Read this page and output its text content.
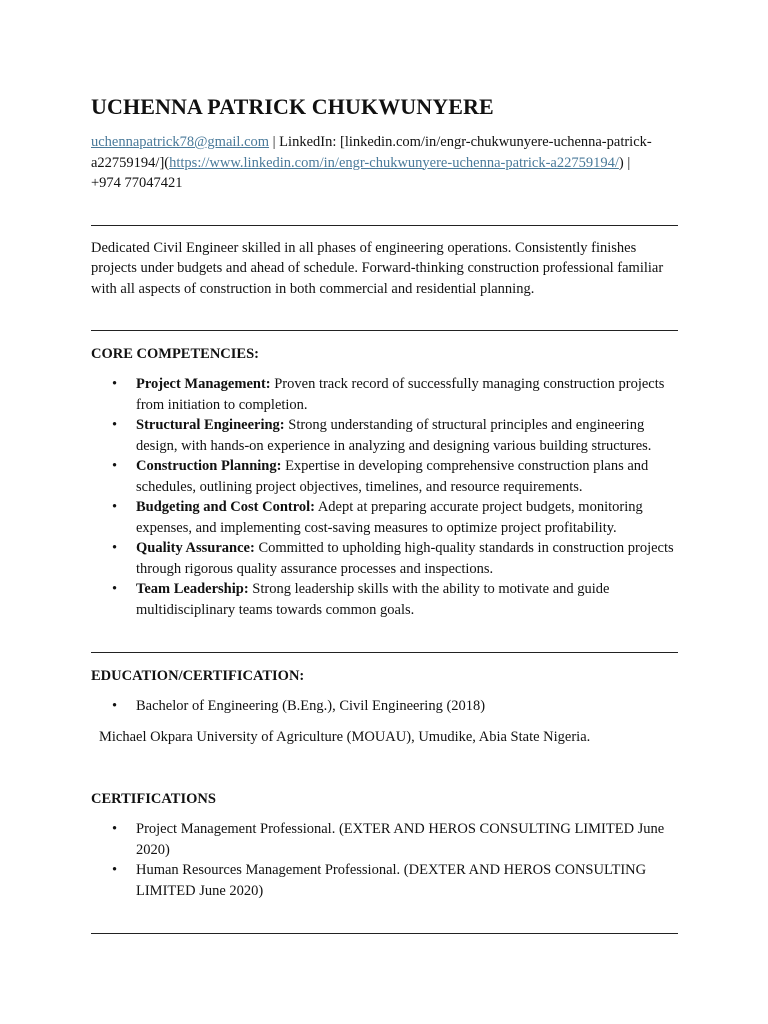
UCHENNA PATRICK CHUKWUNYERE
uchennapatrick78@gmail.com | LinkedIn: [linkedin.com/in/engr-chukwunyere-uchenna-patrick-a22759194/](https://www.linkedin.com/in/engr-chukwunyere-uchenna-patrick-a22759194/) |
+974 77047421

Dedicated Civil Engineer skilled in all phases of engineering operations. Consistently finishes projects under budgets and ahead of schedule. Forward-thinking construction professional familiar with all aspects of construction in both commercial and residential planning.

CORE COMPETENCIES:

• Project Management: Proven track record of successfully managing construction projects from initiation to completion.
• Structural Engineering: Strong understanding of structural principles and engineering design, with hands-on experience in analyzing and designing various building structures.
• Construction Planning: Expertise in developing comprehensive construction plans and schedules, outlining project objectives, timelines, and resource requirements.
• Budgeting and Cost Control: Adept at preparing accurate project budgets, monitoring expenses, and implementing cost-saving measures to optimize project profitability.
• Quality Assurance: Committed to upholding high-quality standards in construction projects through rigorous quality assurance processes and inspections.
• Team Leadership: Strong leadership skills with the ability to motivate and guide multidisciplinary teams towards common goals.

EDUCATION/CERTIFICATION:

• Bachelor of Engineering (B.Eng.), Civil Engineering (2018)
Michael Okpara University of Agriculture (MOUAU), Umudike, Abia State Nigeria.

CERTIFICATIONS

• Project Management Professional. (EXTER AND HEROS CONSULTING LIMITED June 2020)
• Human Resources Management Professional. (DEXTER AND HEROS CONSULTING LIMITED June 2020)
